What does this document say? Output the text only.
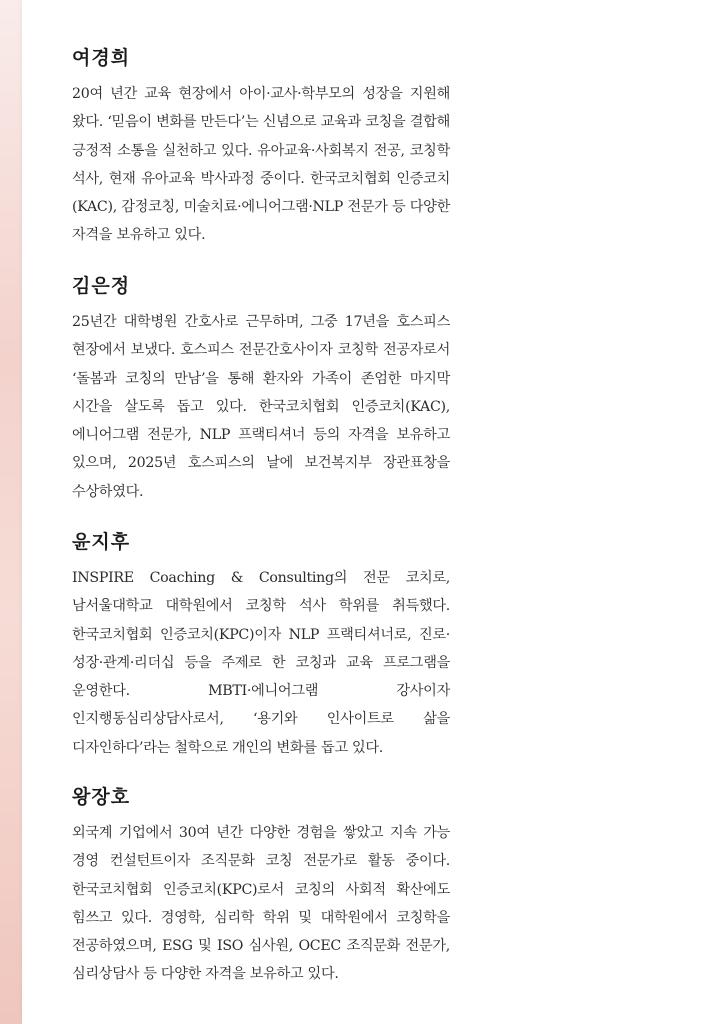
여경희

20여 년간 교육 현장에서 아이·교사·학부모의 성장을 지원해 왔다. ‘믿음이 변화를 만든다’는 신념으로 교육과 코칭을 결합해 긍정적 소통을 실천하고 있다. 유아교육·사회복지 전공, 코칭학 석사, 현재 유아교육 박사과정 중이다. 한국코치협회 인증코치(KAC), 감정코칭, 미술치료·에니어그램·NLP 전문가 등 다양한 자격을 보유하고 있다.

김은정

25년간 대학병원 간호사로 근무하며, 그중 17년을 호스피스 현장에서 보냈다. 호스피스 전문간호사이자 코칭학 전공자로서 ‘돌봄과 코칭의 만남’을 통해 환자와 가족이 존엄한 마지막 시간을 살도록 돕고 있다. 한국코치협회 인증코치(KAC), 에니어그램 전문가, NLP 프랙티셔너 등의 자격을 보유하고 있으며, 2025년 호스피스의 날에 보건복지부 장관표창을 수상하였다.

윤지후

INSPIRE Coaching & Consulting의 전문 코치로, 남서울대학교 대학원에서 코칭학 석사 학위를 취득했다. 한국코치협회 인증코치(KPC)이자 NLP 프랙티셔너로, 진로·성장·관계·리더십 등을 주제로 한 코칭과 교육 프로그램을 운영한다. MBTI·에니어그램 강사이자 인지행동심리상담사로서, ‘용기와 인사이트로 삶을 디자인하다’라는 철학으로 개인의 변화를 돕고 있다.

왕장호

외국계 기업에서 30여 년간 다양한 경험을 쌓았고 지속 가능 경영 컨설턴트이자 조직문화 코칭 전문가로 활동 중이다. 한국코치협회 인증코치(KPC)로서 코칭의 사회적 확산에도 힘쓰고 있다. 경영학, 심리학 학위 및 대학원에서 코칭학을 전공하였으며, ESG 및 ISO 심사원, OCEC 조직문화 전문가, 심리상담사 등 다양한 자격을 보유하고 있다.
